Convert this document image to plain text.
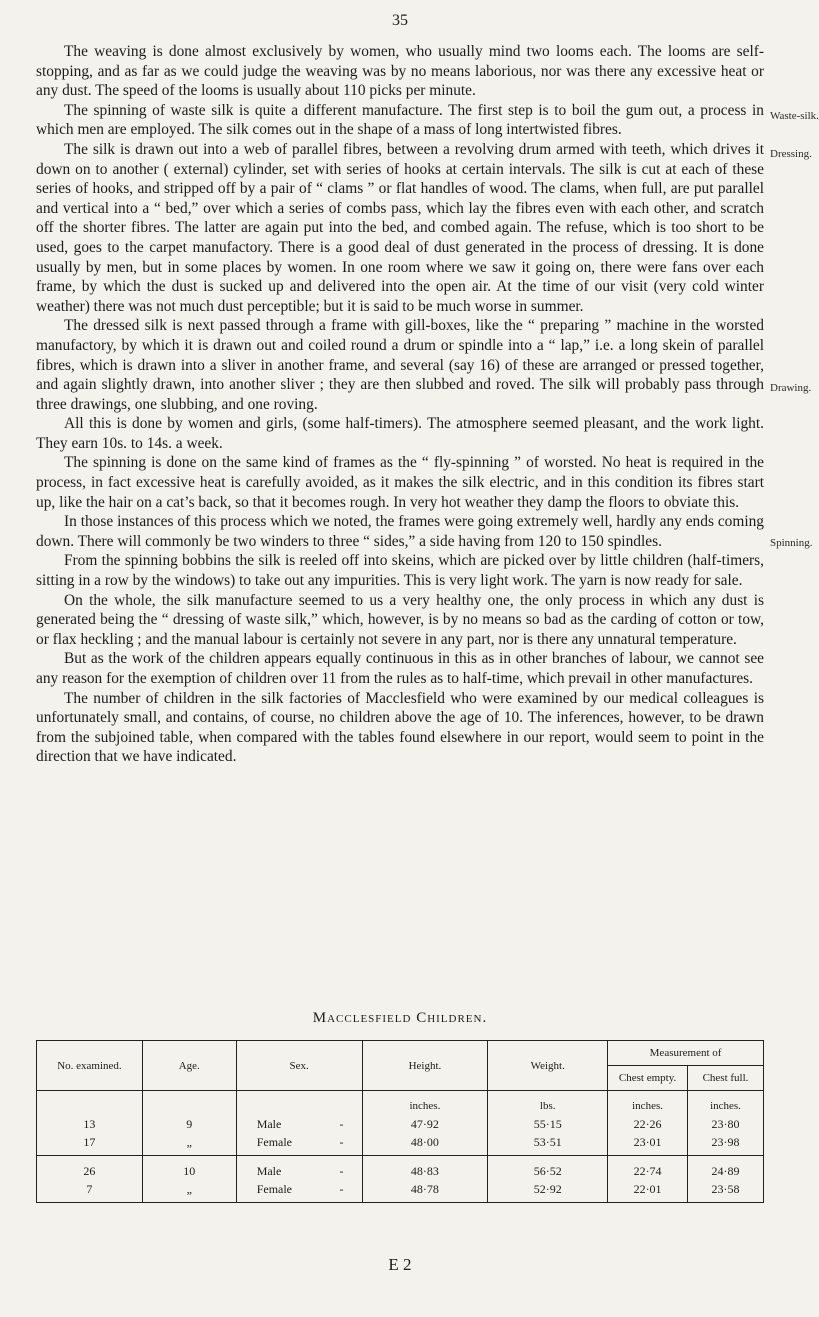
35

The weaving is done almost exclusively by women, who usually mind two looms each. The looms are self-stopping, and as far as we could judge the weaving was by no means laborious, nor was there any excessive heat or any dust. The speed of the looms is usually about 110 picks per minute.

The spinning of waste silk is quite a different manufacture. The first step is to boil the gum out, a process in which men are employed. The silk comes out in the shape of a mass of long intertwisted fibres.

The silk is drawn out into a web of parallel fibres, between a revolving drum armed with teeth, which drives it down on to another ( external) cylinder, set with series of hooks at certain intervals. The silk is cut at each of these series of hooks, and stripped off by a pair of “ clams ” or flat handles of wood. The clams, when full, are put parallel and vertical into a “ bed,” over which a series of combs pass, which lay the fibres even with each other, and scratch off the shorter fibres. The latter are again put into the bed, and combed again. The refuse, which is too short to be used, goes to the carpet manufactory. There is a good deal of dust generated in the process of dressing. It is done usually by men, but in some places by women. In one room where we saw it going on, there were fans over each frame, by which the dust is sucked up and delivered into the open air. At the time of our visit (very cold winter weather) there was not much dust perceptible; but it is said to be much worse in summer.

The dressed silk is next passed through a frame with gill-boxes, like the “ preparing ” machine in the worsted manufactory, by which it is drawn out and coiled round a drum or spindle into a “ lap,” i.e. a long skein of parallel fibres, which is drawn into a sliver in another frame, and several (say 16) of these are arranged or pressed together, and again slightly drawn, into another sliver ; they are then slubbed and roved. The silk will probably pass through three drawings, one slubbing, and one roving.

All this is done by women and girls, (some half-timers). The atmosphere seemed pleasant, and the work light. They earn 10s. to 14s. a week.

The spinning is done on the same kind of frames as the “ fly-spinning ” of worsted. No heat is required in the process, in fact excessive heat is carefully avoided, as it makes the silk electric, and in this condition its fibres start up, like the hair on a cat’s back, so that it becomes rough. In very hot weather they damp the floors to obviate this.

In those instances of this process which we noted, the frames were going extremely well, hardly any ends coming down. There will commonly be two winders to three “ sides,” a side having from 120 to 150 spindles.

From the spinning bobbins the silk is reeled off into skeins, which are picked over by little children (half-timers, sitting in a row by the windows) to take out any impurities. This is very light work. The yarn is now ready for sale.

On the whole, the silk manufacture seemed to us a very healthy one, the only process in which any dust is generated being the “ dressing of waste silk,” which, however, is by no means so bad as the carding of cotton or tow, or flax heckling ; and the manual labour is certainly not severe in any part, nor is there any unnatural temperature.

But as the work of the children appears equally continuous in this as in other branches of labour, we cannot see any reason for the exemption of children over 11 from the rules as to half-time, which prevail in other manufactures.

The number of children in the silk factories of Macclesfield who were examined by our medical colleagues is unfortunately small, and contains, of course, no children above the age of 10. The inferences, however, to be drawn from the subjoined table, when compared with the tables found elsewhere in our report, would seem to point in the direction that we have indicated.

Waste-silk.
Dressing.
Drawing.
Spinning.
Macclesfield Children.
No. examined.	Age.	Sex.	Height.	Weight.	Measurement of	
					Chest empty.	Chest full.
			inches.	lbs.	inches.	inches.
13	9	Male -	47·92	55·15	22·26	23·80
17	„	Female -	48·00	53·51	23·01	23·98
26	10	Male -	48·83	56·52	22·74	24·89
7	„	Female -	48·78	52·92	22·01	23·58
E 2
